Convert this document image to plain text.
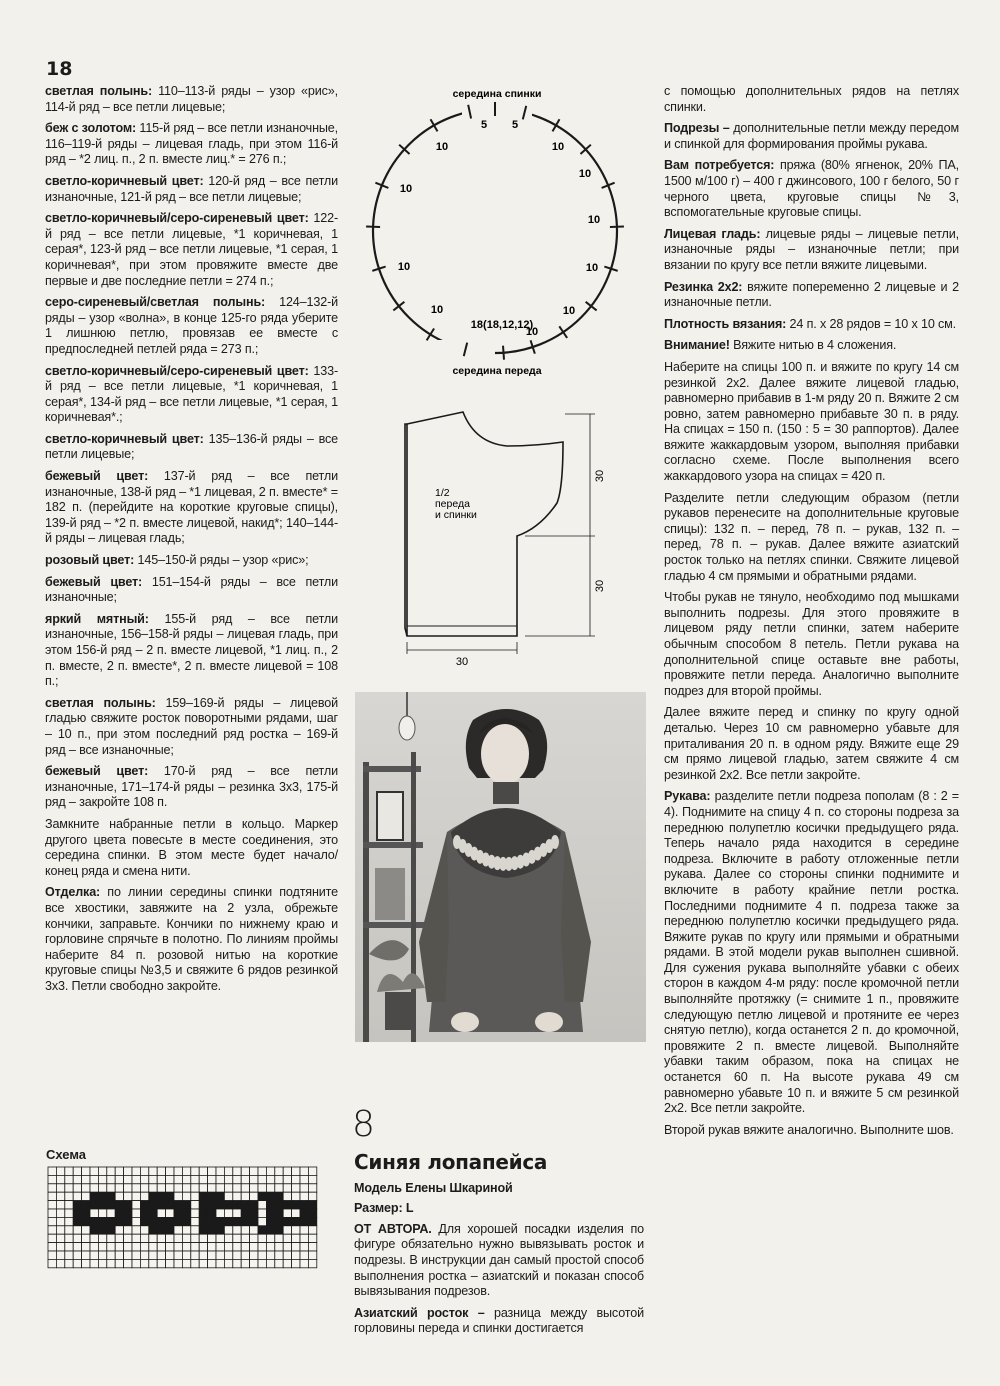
18

светлая полынь: 110–113-й ряды – узор «рис», 114-й ряд – все петли лицевые;

беж с золотом: 115-й ряд – все петли изнаночные, 116–119-й ряды – лицевая гладь, при этом 116-й ряд – *2 лиц. п., 2 п. вместе лиц.* = 276 п.;

светло-коричневый цвет: 120-й ряд – все петли изнаночные, 121-й ряд – все петли лицевые;

светло-коричневый/серо-сиреневый цвет: 122-й ряд – все петли лицевые, *1 коричневая, 1 серая*, 123-й ряд – все петли лицевые, *1 серая, 1 коричневая*, при этом провяжите вместе две первые и две последние петли = 274 п.;

серо-сиреневый/светлая полынь: 124–132-й ряды – узор «волна», в конце 125-го ряда уберите 1 лишнюю петлю, провязав ее вместе с предпоследней петлей ряда = 273 п.;

светло-коричневый/серо-сиреневый цвет: 133-й ряд – все петли лицевые, *1 коричневая, 1 серая*, 134-й ряд – все петли лицевые, *1 серая, 1 коричневая*.;

светло-коричневый цвет: 135–136-й ряды – все петли лицевые;

бежевый цвет: 137-й ряд – все петли изнаночные, 138-й ряд – *1 лицевая, 2 п. вместе* = 182 п. (перейдите на короткие круговые спицы), 139-й ряд – *2 п. вместе лицевой, накид*; 140–144-й ряды – лицевая гладь;

розовый цвет: 145–150-й ряды – узор «рис»;

бежевый цвет: 151–154-й ряды – все петли изнаночные;

яркий мятный: 155-й ряд – все петли изнаночные, 156–158-й ряды – лицевая гладь, при этом 156-й ряд – 2 п. вместе лицевой, *1 лиц. п., 2 п. вместе, 2 п. вместе*, 2 п. вместе лицевой = 108 п.;

светлая полынь: 159–169-й ряды – лицевой гладью свяжите росток поворотными рядами, шаг – 10 п., при этом последний ряд ростка – 169-й ряд – все изнаночные;

бежевый цвет: 170-й ряд – все петли изнаночные, 171–174-й ряды – резинка 3х3, 175-й ряд – закройте 108 п.

Замкните набранные петли в кольцо. Маркер другого цвета повесьте в месте соединения, это середина спинки. В этом месте будет начало/конец ряда и смена нити.

Отделка: по линии середины спинки подтяните все хвостики, завяжите на 2 узла, обрежьте кончики, заправьте. Кончики по нижнему краю и горловине спрячьте в полотно. По линиям проймы наберите 84 п. розовой нитью на короткие круговые спицы №3,5 и свяжите 6 рядов резинкой 3х3. Петли свободно закройте.

Схема
середина спинки
середина переда
5 5
10
10
10
10
10
10
10
10
10
10
18(18,12,12)
1/2
переда
и спинки
30
30
30
8
Синяя лопапейса
Модель Елены Шкариной
Размер: L

ОТ АВТОРА. Для хорошей посадки изделия по фигуре обязательно нужно вывязывать росток и подрезы. В инструкции дан самый простой способ выполнения ростка – азиатский и показан способ вывязывания подрезов.

Азиатский росток – разница между высотой горловины переда и спинки достигается

с помощью дополнительных рядов на петлях спинки.

Подрезы – дополнительные петли между передом и спинкой для формирования проймы рукава.

Вам потребуется: пряжа (80% ягненок, 20% ПА, 1500 м/100 г) – 400 г джинсового, 100 г белого, 50 г черного цвета, круговые спицы №3, вспомогательные круговые спицы.

Лицевая гладь: лицевые ряды – лицевые петли, изнаночные ряды – изнаночные петли; при вязании по кругу все петли вяжите лицевыми.

Резинка 2х2: вяжите попеременно 2 лицевые и 2 изнаночные петли.

Плотность вязания: 24 п. х 28 рядов = 10 х 10 см.

Внимание! Вяжите нитью в 4 сложения.

Наберите на спицы 100 п. и вяжите по кругу 14 см резинкой 2х2. Далее вяжите лицевой гладью, равномерно прибавив в 1-м ряду 20 п. Вяжите 2 см ровно, затем равномерно прибавьте 30 п. в ряду. На спицах = 150 п. (150 : 5 = 30 раппортов). Далее вяжите жаккардовым узором, выполняя прибавки согласно схеме. После выполнения всего жаккардового узора на спицах = 420 п.

Разделите петли следующим образом (петли рукавов перенесите на дополнительные круговые спицы): 132 п. – перед, 78 п. – рукав, 132 п. – перед, 78 п. – рукав. Далее вяжите азиатский росток только на петлях спинки. Свяжите лицевой гладью 4 см прямыми и обратными рядами.

Чтобы рукав не тянуло, необходимо под мышками выполнить подрезы. Для этого провяжите в лицевом ряду петли спинки, затем наберите обычным способом 8 петель. Петли рукава на дополнительной спице оставьте вне работы, провяжите петли переда. Аналогично выполните подрез для второй проймы.

Далее вяжите перед и спинку по кругу одной деталью. Через 10 см равномерно убавьте для приталивания 20 п. в одном ряду. Вяжите еще 29 см прямо лицевой гладью, затем свяжите 4 см резинкой 2х2. Все петли закройте.

Рукава: разделите петли подреза пополам (8 : 2 = 4). Поднимите на спицу 4 п. со стороны подреза за переднюю полупетлю косички предыдущего ряда. Теперь начало ряда находится в середине подреза. Включите в работу отложенные петли рукава. Далее со стороны спинки поднимите и включите в работу крайние петли ростка. Последними поднимите 4 п. подреза также за переднюю полупетлю косички предыдущего ряда. Вяжите рукав по кругу или прямыми и обратными рядами. В этой модели рукав выполнен сшивной. Для сужения рукава выполняйте убавки с обеих сторон в каждом 4-м ряду: после кромочной петли выполняйте протяжку (= снимите 1 п., провяжите следующую петлю лицевой и протяните ее через снятую петлю), когда останется 2 п. до кромочной, провяжите 2 п. вместе лицевой. Выполняйте убавки таким образом, пока на спицах не останется 60 п. На высоте рукава 49 см равномерно убавьте 10 п. и вяжите 5 см резинкой 2х2. Все петли закройте.

Второй рукав вяжите аналогично. Выполните шов.
